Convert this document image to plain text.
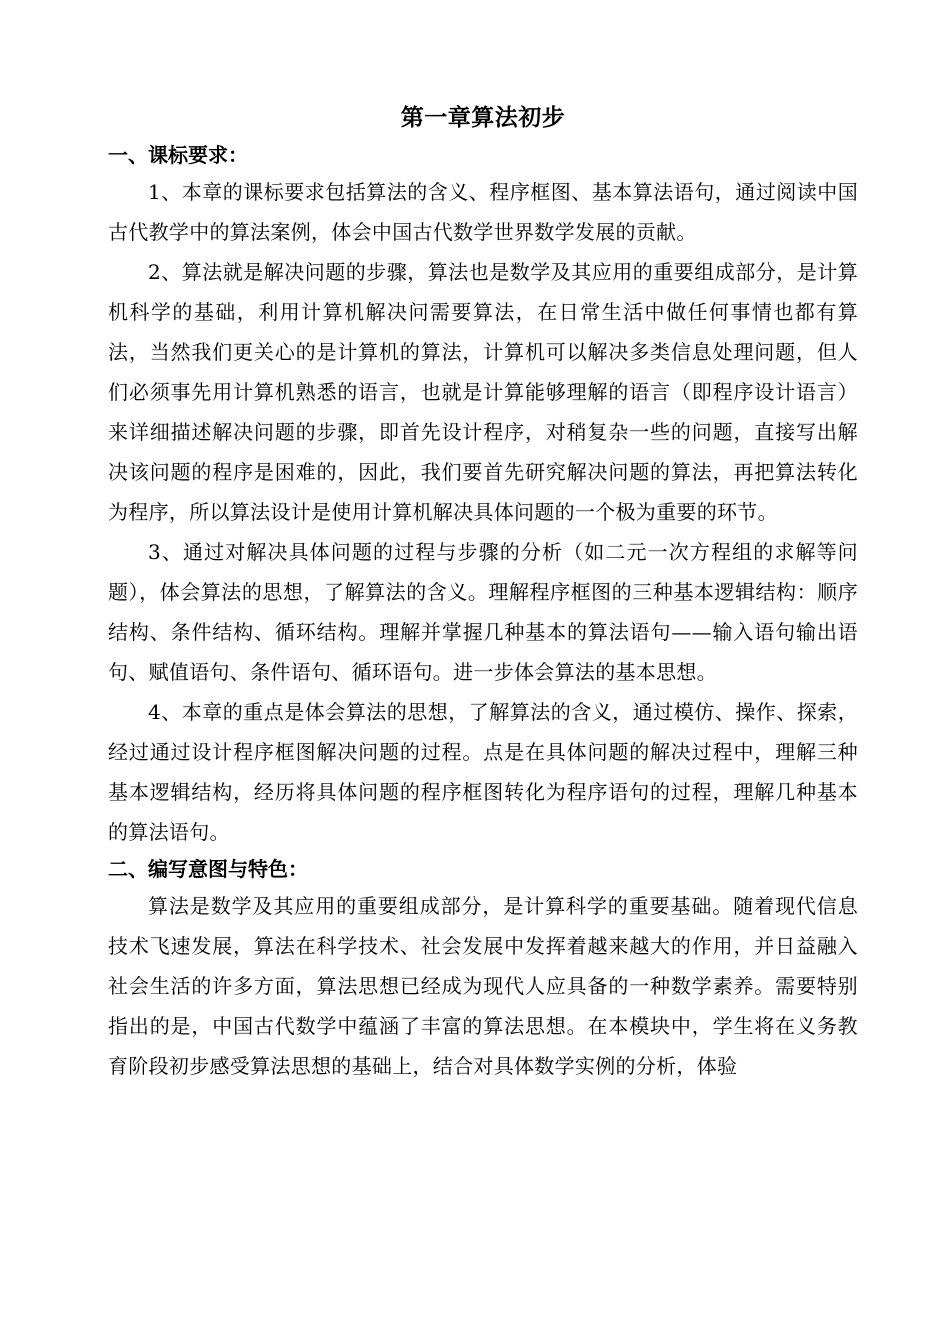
第一章算法初步
一、课标要求：

1、本章的课标要求包括算法的含义、程序框图、基本算法语句，通过阅读中国古代教学中的算法案例，体会中国古代数学世界数学发展的贡献。

2、算法就是解决问题的步骤，算法也是数学及其应用的重要组成部分，是计算机科学的基础，利用计算机解决问需要算法，在日常生活中做任何事情也都有算法，当然我们更关心的是计算机的算法，计算机可以解决多类信息处理问题，但人们必须事先用计算机熟悉的语言，也就是计算能够理解的语言（即程序设计语言）来详细描述解决问题的步骤，即首先设计程序，对稍复杂一些的问题，直接写出解决该问题的程序是困难的，因此，我们要首先研究解决问题的算法，再把算法转化为程序，所以算法设计是使用计算机解决具体问题的一个极为重要的环节。

3、通过对解决具体问题的过程与步骤的分析（如二元一次方程组的求解等问题），体会算法的思想，了解算法的含义。理解程序框图的三种基本逻辑结构：顺序结构、条件结构、循环结构。理解并掌握几种基本的算法语句——输入语句输出语句、赋值语句、条件语句、循环语句。进一步体会算法的基本思想。

4、本章的重点是体会算法的思想，了解算法的含义，通过模仿、操作、探索，经过通过设计程序框图解决问题的过程。点是在具体问题的解决过程中，理解三种基本逻辑结构，经历将具体问题的程序框图转化为程序语句的过程，理解几种基本的算法语句。

二、编写意图与特色：

算法是数学及其应用的重要组成部分，是计算科学的重要基础。随着现代信息技术飞速发展，算法在科学技术、社会发展中发挥着越来越大的作用，并日益融入社会生活的许多方面，算法思想已经成为现代人应具备的一种数学素养。需要特别指出的是，中国古代数学中蕴涵了丰富的算法思想。在本模块中，学生将在义务教育阶段初步感受算法思想的基础上，结合对具体数学实例的分析，体验
